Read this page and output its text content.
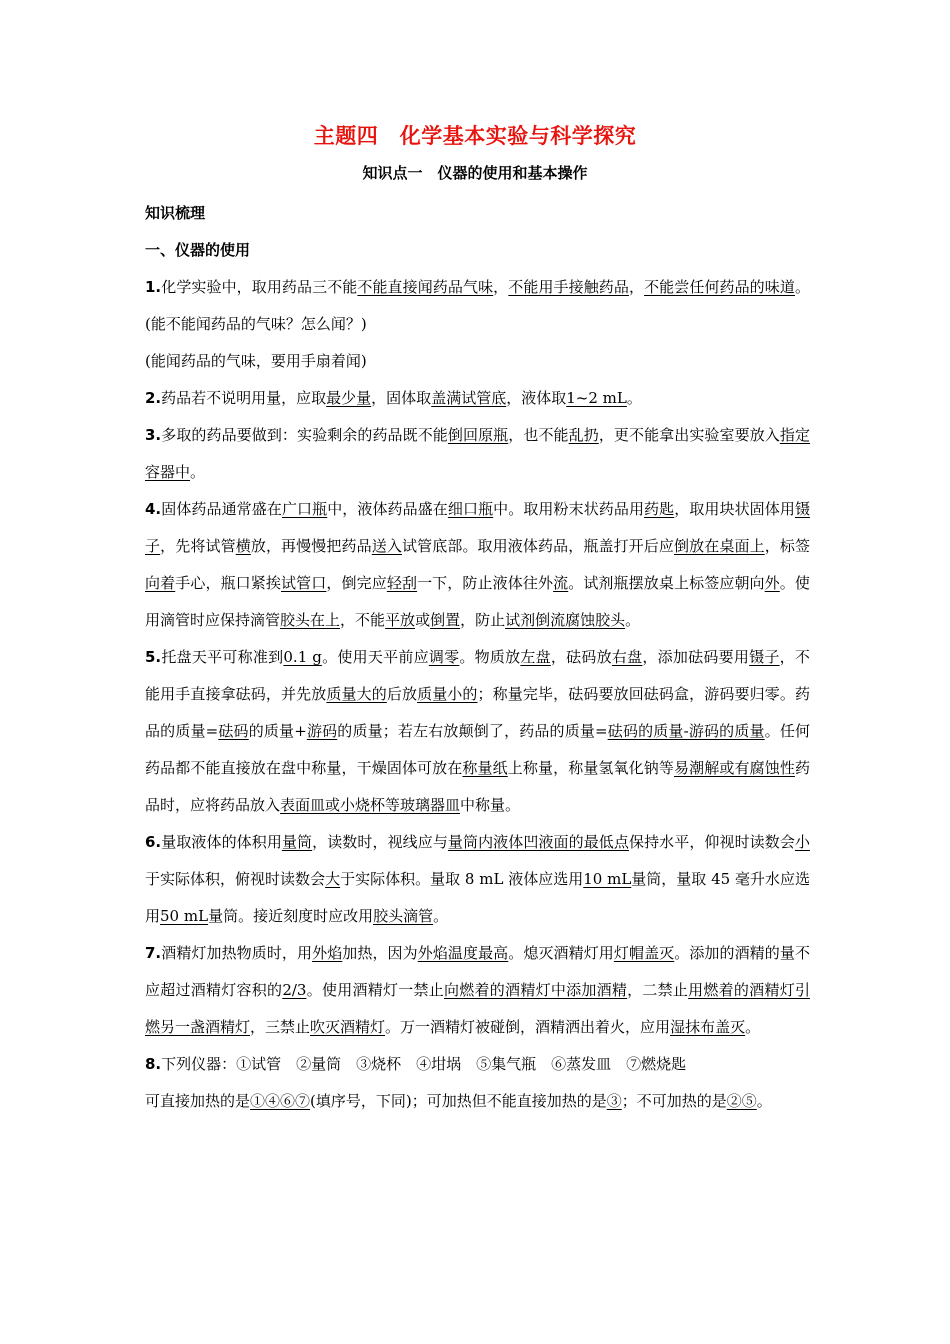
主题四　化学基本实验与科学探究
知识点一　仪器的使用和基本操作
知识梳理
一、仪器的使用
1.化学实验中，取用药品三不能不能直接闻药品气味，不能用手接触药品，不能尝任何药品的味道。(能不能闻药品的气味？怎么闻？)
(能闻药品的气味，要用手扇着闻)
2.药品若不说明用量，应取最少量，固体取盖满试管底，液体取1~2 mL。
3.多取的药品要做到：实验剩余的药品既不能倒回原瓶，也不能乱扔，更不能拿出实验室要放入指定容器中。
4.固体药品通常盛在广口瓶中，液体药品盛在细口瓶中。取用粉末状药品用药匙，取用块状固体用镊子，先将试管横放，再慢慢把药品送入试管底部。取用液体药品，瓶盖打开后应倒放在桌面上，标签向着手心，瓶口紧挨试管口，倒完应轻刮一下，防止液体往外流。试剂瓶摆放桌上标签应朝向外。使用滴管时应保持滴管胶头在上，不能平放或倒置，防止试剂倒流腐蚀胶头。
5.托盘天平可称准到0.1 g。使用天平前应调零。物质放左盘，砝码放右盘，添加砝码要用镊子，不能用手直接拿砝码，并先放质量大的后放质量小的；称量完毕，砝码要放回砝码盒，游码要归零。药品的质量=砝码的质量+游码的质量；若左右放颠倒了，药品的质量=砝码的质量-游码的质量。任何药品都不能直接放在盘中称量，干燥固体可放在称量纸上称量，称量氢氧化钠等易潮解或有腐蚀性药品时，应将药品放入表面皿或小烧杯等玻璃器皿中称量。
6.量取液体的体积用量筒，读数时，视线应与量筒内液体凹液面的最低点保持水平，仰视时读数会小于实际体积，俯视时读数会大于实际体积。量取 8 mL 液体应选用10 mL量筒，量取 45 毫升水应选用50 mL量筒。接近刻度时应改用胶头滴管。
7.酒精灯加热物质时，用外焰加热，因为外焰温度最高。熄灭酒精灯用灯帽盖灭。添加的酒精的量不应超过酒精灯容积的2/3。使用酒精灯一禁止向燃着的酒精灯中添加酒精，二禁止用燃着的酒精灯引燃另一盏酒精灯，三禁止吹灭酒精灯。万一酒精灯被碰倒，酒精洒出着火，应用湿抹布盖灭。
8.下列仪器：①试管　②量筒　③烧杯　④坩埚　⑤集气瓶　⑥蒸发皿　⑦燃烧匙
可直接加热的是①④⑥⑦(填序号，下同)；可加热但不能直接加热的是③；不可加热的是②⑤。
